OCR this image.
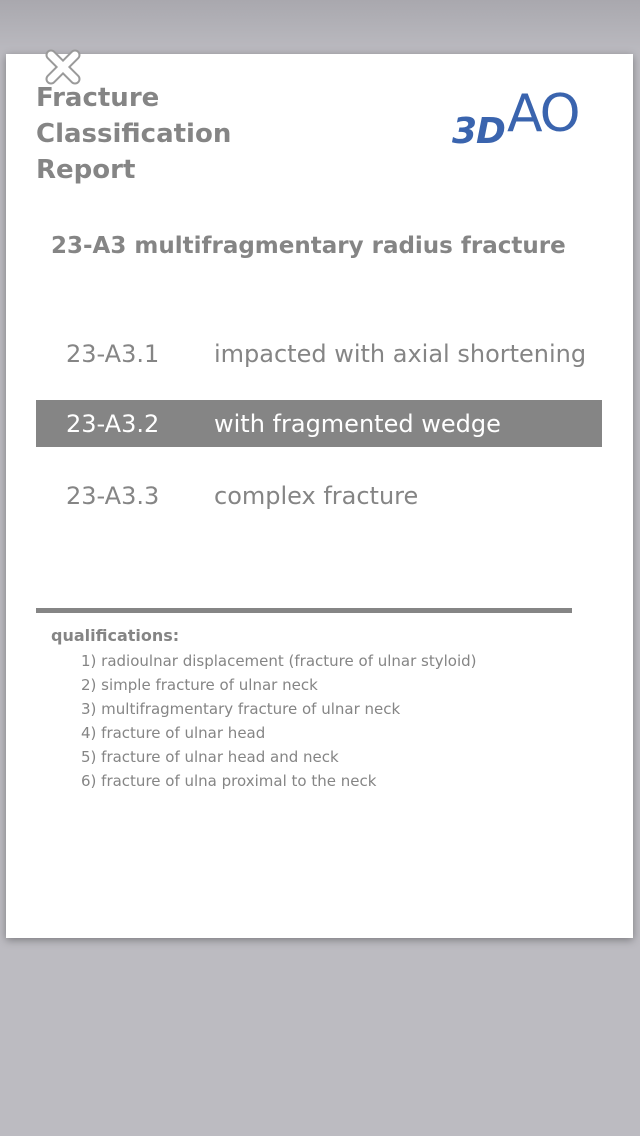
Fracture
Classification
Report
3D AO
23-A3 multifragmentary radius fracture
23-A3.1	impacted with axial shortening
23-A3.2	with fragmented wedge
23-A3.3	complex fracture
qualifications:
1) radioulnar displacement (fracture of ulnar styloid)
2) simple fracture of ulnar neck
3) multifragmentary fracture of ulnar neck
4) fracture of ulnar head
5) fracture of ulnar head and neck
6) fracture of ulna proximal to the neck
